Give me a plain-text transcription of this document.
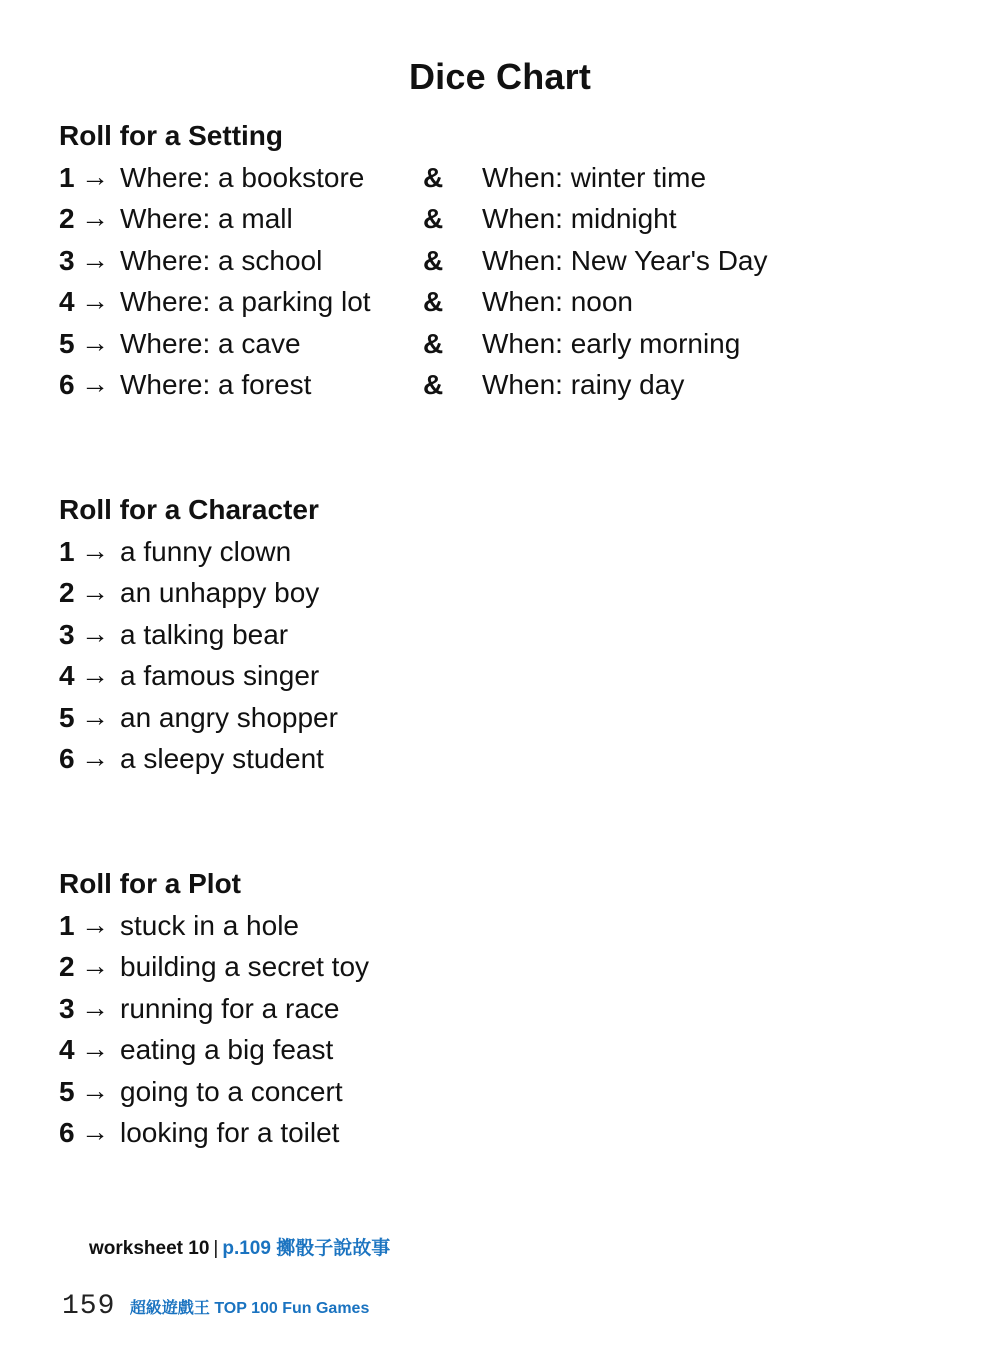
Dice Chart
Roll for a Setting
1 → Where: a bookstore & When: winter time
2 → Where: a mall	& When: midnight
3 → Where: a school	& When: New Year's Day
4 → Where: a parking lot & When: noon
5 → Where: a cave	& When: early morning
6 → Where: a forest	& When: rainy day
Roll for a Character
1 → a funny clown
2 → an unhappy boy
3 → a talking bear
4 → a famous singer
5 → an angry shopper
6 → a sleepy student
Roll for a Plot
1 → stuck in a hole
2 → building a secret toy
3 → running for a race
4 → eating a big feast
5 → going to a concert
6 → looking for a toilet
worksheet 10 | p.109 擲骰子說故事
159 超級遊戲王 TOP 100 Fun Games
